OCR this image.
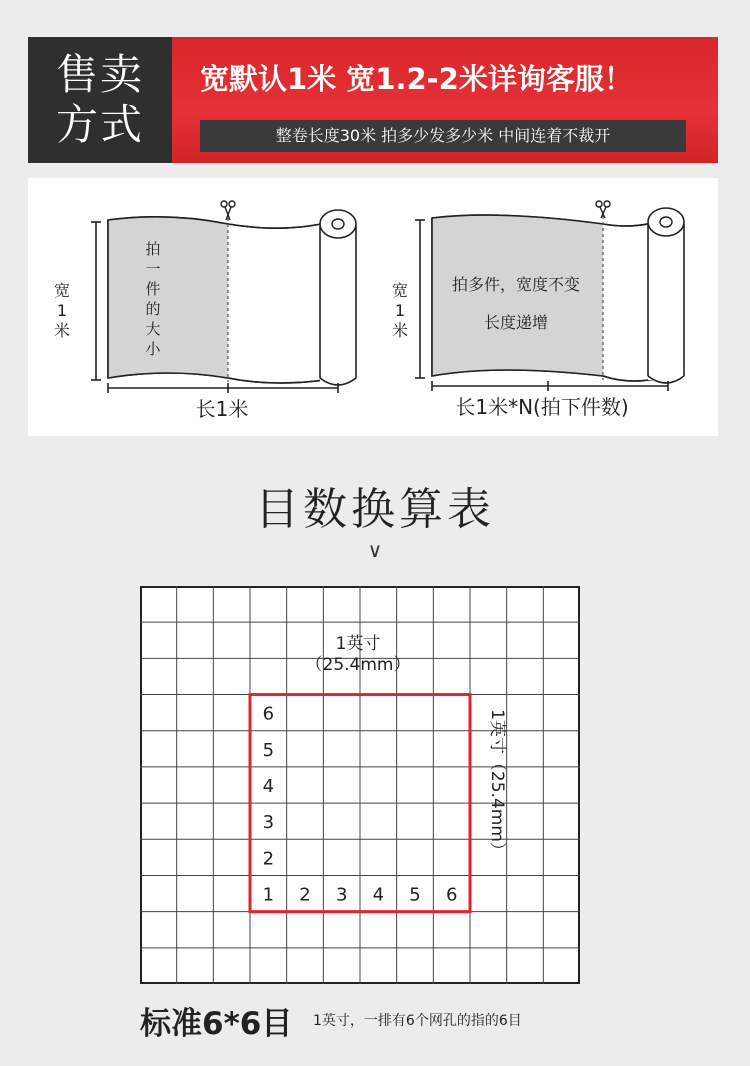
售卖
方式
宽默认1米 宽1.2-2米详询客服！
整卷长度30米 拍多少发多少米 中间连着不裁开
宽
1
米
拍
一
件
的
大
小
长1米
宽
1
米
拍多件，宽度不变
长度递增
长1米*N(拍下件数)
目数换算表
∨
1英寸
（25.4mm）
1英寸（25.4mm）
6
5
4
3
2
1 2 3 4 5 6
标准6*6目 1英寸，一排有6个网孔的指的6目
